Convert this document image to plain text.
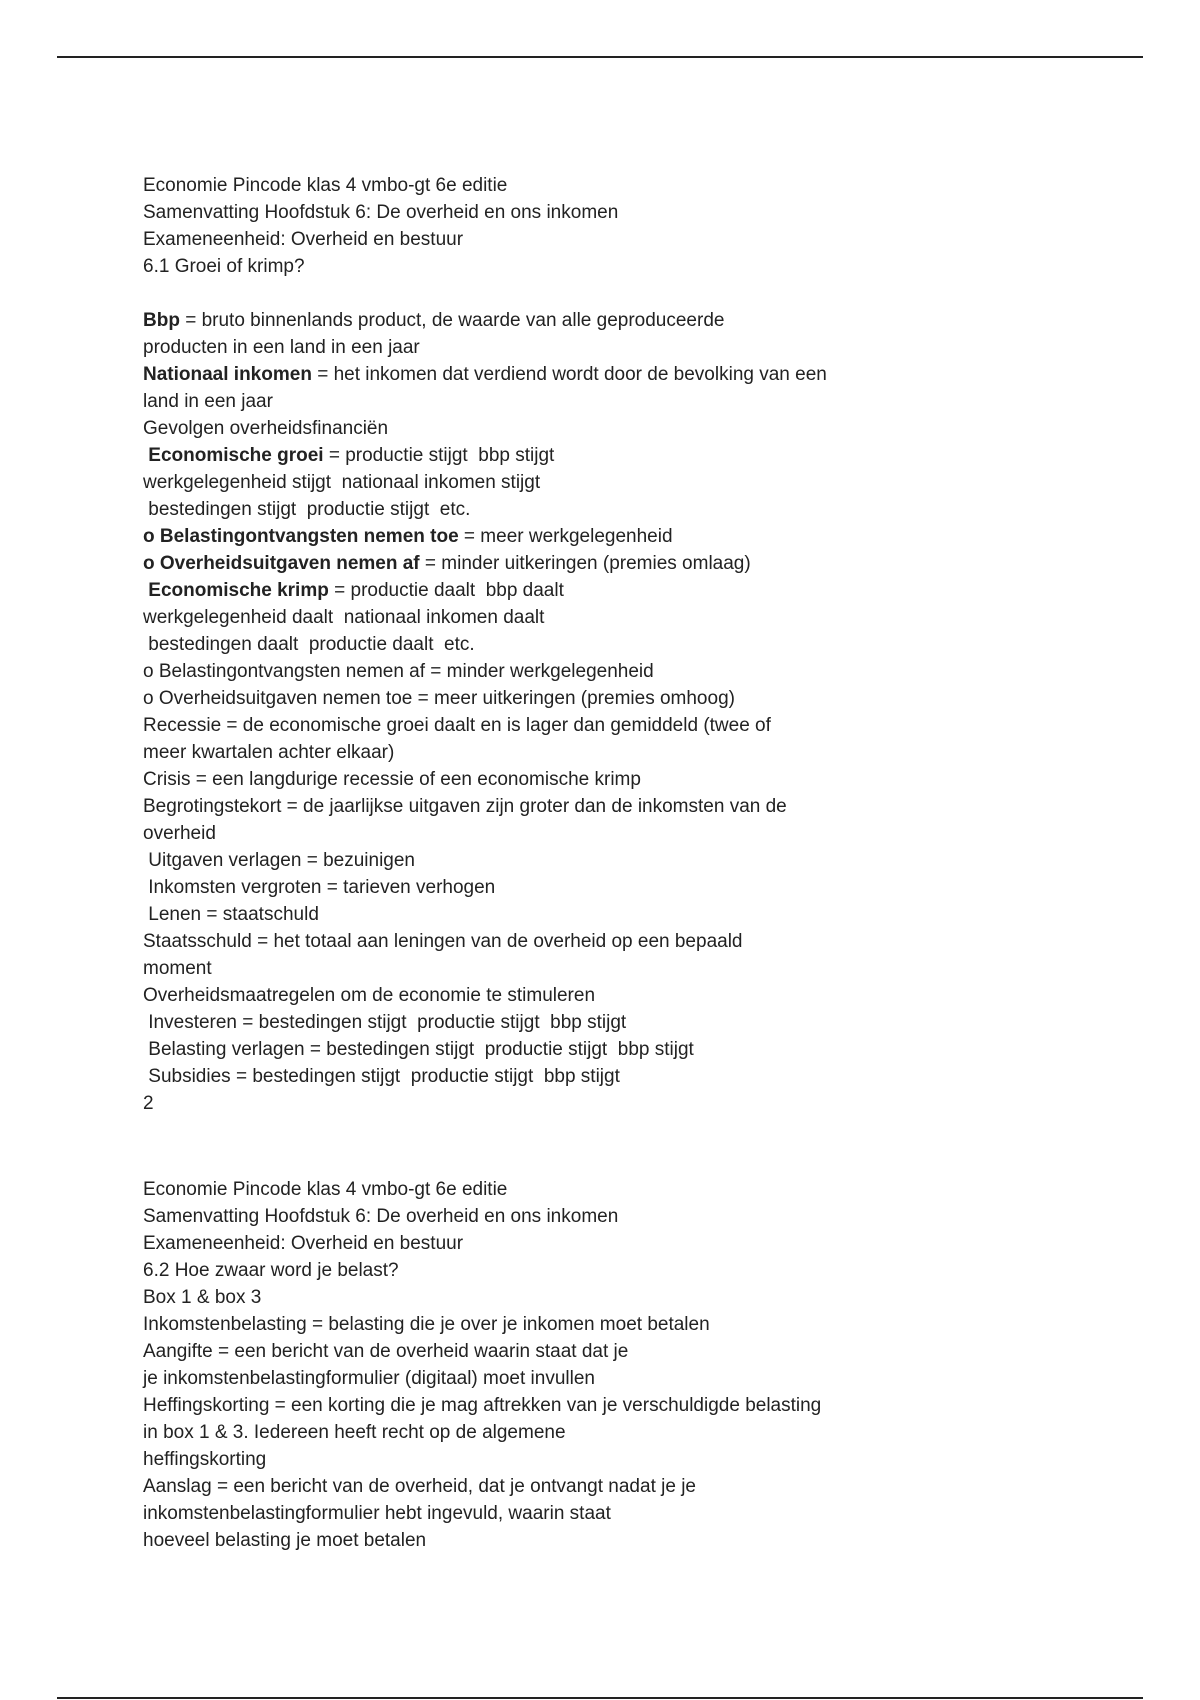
Economie Pincode klas 4 vmbo-gt 6e editie
Samenvatting Hoofdstuk 6: De overheid en ons inkomen
Exameneenheid: Overheid en bestuur
6.1 Groei of krimp?
Bbp = bruto binnenlands product, de waarde van alle geproduceerde
producten in een land in een jaar
Nationaal inkomen = het inkomen dat verdiend wordt door de bevolking van een
land in een jaar
Gevolgen overheidsfinanciën
Economische groei = productie stijgt  bbp stijgt
werkgelegenheid stijgt  nationaal inkomen stijgt
bestedingen stijgt  productie stijgt  etc.
o Belastingontvangsten nemen toe = meer werkgelegenheid
o Overheidsuitgaven nemen af = minder uitkeringen (premies omlaag)
Economische krimp = productie daalt  bbp daalt
werkgelegenheid daalt  nationaal inkomen daalt
bestedingen daalt  productie daalt  etc.
o Belastingontvangsten nemen af = minder werkgelegenheid
o Overheidsuitgaven nemen toe = meer uitkeringen (premies omhoog)
Recessie = de economische groei daalt en is lager dan gemiddeld (twee of
meer kwartalen achter elkaar)
Crisis = een langdurige recessie of een economische krimp
Begrotingstekort = de jaarlijkse uitgaven zijn groter dan de inkomsten van de
overheid
Uitgaven verlagen = bezuinigen
Inkomsten vergroten = tarieven verhogen
Lenen = staatschuld
Staatsschuld = het totaal aan leningen van de overheid op een bepaald
moment
Overheidsmaatregelen om de economie te stimuleren
Investeren = bestedingen stijgt  productie stijgt  bbp stijgt
Belasting verlagen = bestedingen stijgt  productie stijgt  bbp stijgt
Subsidies = bestedingen stijgt  productie stijgt  bbp stijgt
2
Economie Pincode klas 4 vmbo-gt 6e editie
Samenvatting Hoofdstuk 6: De overheid en ons inkomen
Exameneenheid: Overheid en bestuur
6.2 Hoe zwaar word je belast?
Box 1 & box 3
Inkomstenbelasting = belasting die je over je inkomen moet betalen
Aangifte = een bericht van de overheid waarin staat dat je
je inkomstenbelastingformulier (digitaal) moet invullen
Heffingskorting = een korting die je mag aftrekken van je verschuldigde belasting
in box 1 & 3. Iedereen heeft recht op de algemene
heffingskorting
Aanslag = een bericht van de overheid, dat je ontvangt nadat je je
inkomstenbelastingformulier hebt ingevuld, waarin staat
hoeveel belasting je moet betalen
